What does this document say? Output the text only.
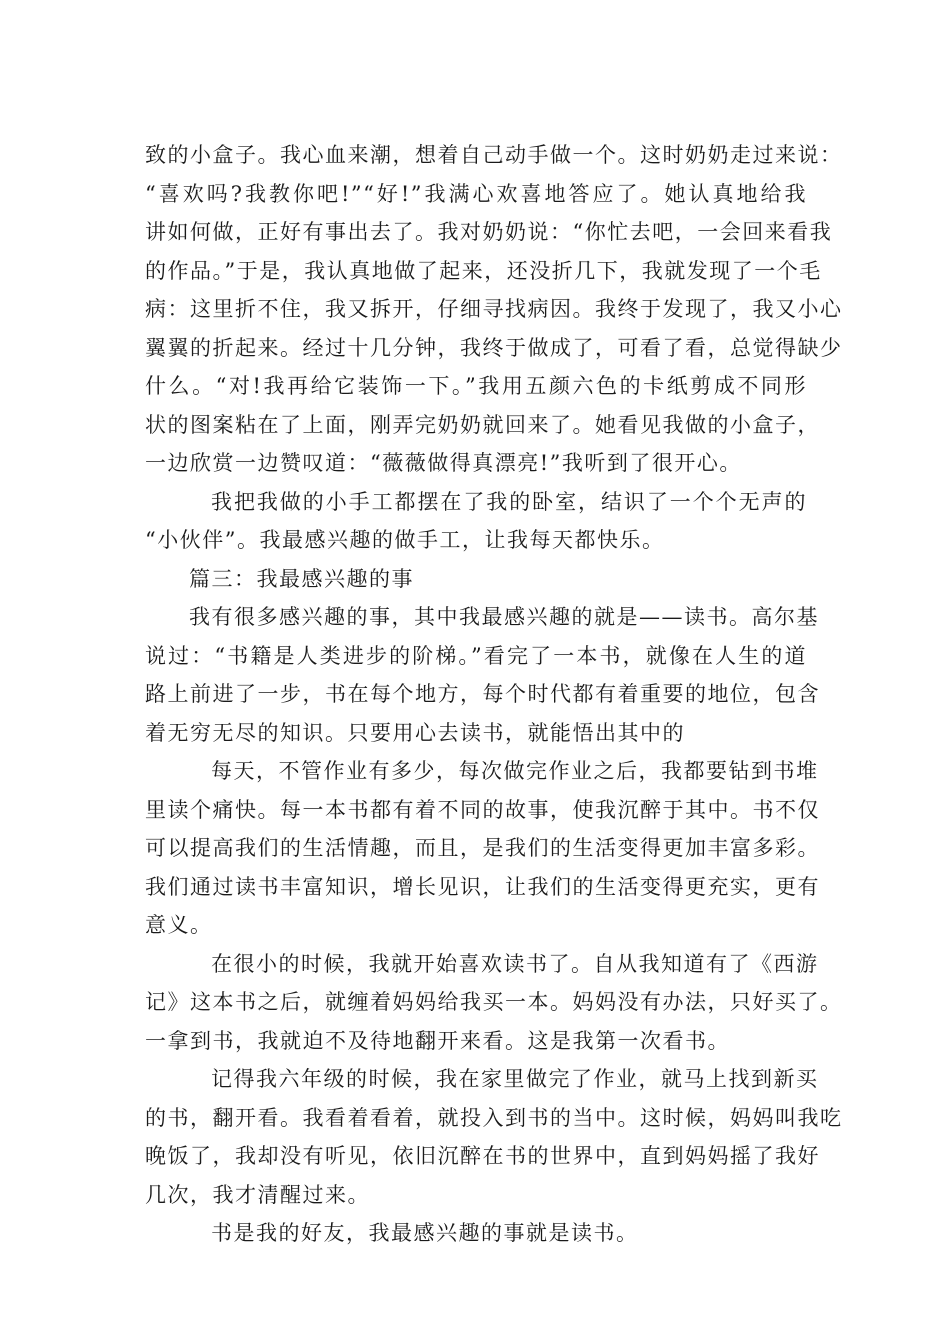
致的小盒子。我心血来潮，想着自己动手做一个。这时奶奶走过来说：
“喜欢吗?我教你吧!”“好!”我满心欢喜地答应了。她认真地给我
讲如何做，正好有事出去了。我对奶奶说：“你忙去吧，一会回来看我
的作品。”于是，我认真地做了起来，还没折几下，我就发现了一个毛
病：这里折不住，我又拆开，仔细寻找病因。我终于发现了，我又小心
翼翼的折起来。经过十几分钟，我终于做成了，可看了看，总觉得缺少
什么。“对!我再给它装饰一下。”我用五颜六色的卡纸剪成不同形
状的图案粘在了上面，刚弄完奶奶就回来了。她看见我做的小盒子，
一边欣赏一边赞叹道：“薇薇做得真漂亮!”我听到了很开心。
我把我做的小手工都摆在了我的卧室，结识了一个个无声的
“小伙伴”。我最感兴趣的做手工，让我每天都快乐。
篇三：我最感兴趣的事
我有很多感兴趣的事，其中我最感兴趣的就是——读书。高尔基
说过：“书籍是人类进步的阶梯。”看完了一本书，就像在人生的道
路上前进了一步，书在每个地方，每个时代都有着重要的地位，包含
着无穷无尽的知识。只要用心去读书，就能悟出其中的
每天，不管作业有多少，每次做完作业之后，我都要钻到书堆
里读个痛快。每一本书都有着不同的故事，使我沉醉于其中。书不仅
可以提高我们的生活情趣，而且，是我们的生活变得更加丰富多彩。
我们通过读书丰富知识，增长见识，让我们的生活变得更充实，更有
意义。
在很小的时候，我就开始喜欢读书了。自从我知道有了《西游
记》这本书之后，就缠着妈妈给我买一本。妈妈没有办法，只好买了。
一拿到书，我就迫不及待地翻开来看。这是我第一次看书。
记得我六年级的时候，我在家里做完了作业，就马上找到新买
的书，翻开看。我看着看着，就投入到书的当中。这时候，妈妈叫我吃
晚饭了，我却没有听见，依旧沉醉在书的世界中，直到妈妈摇了我好
几次，我才清醒过来。
书是我的好友，我最感兴趣的事就是读书。
